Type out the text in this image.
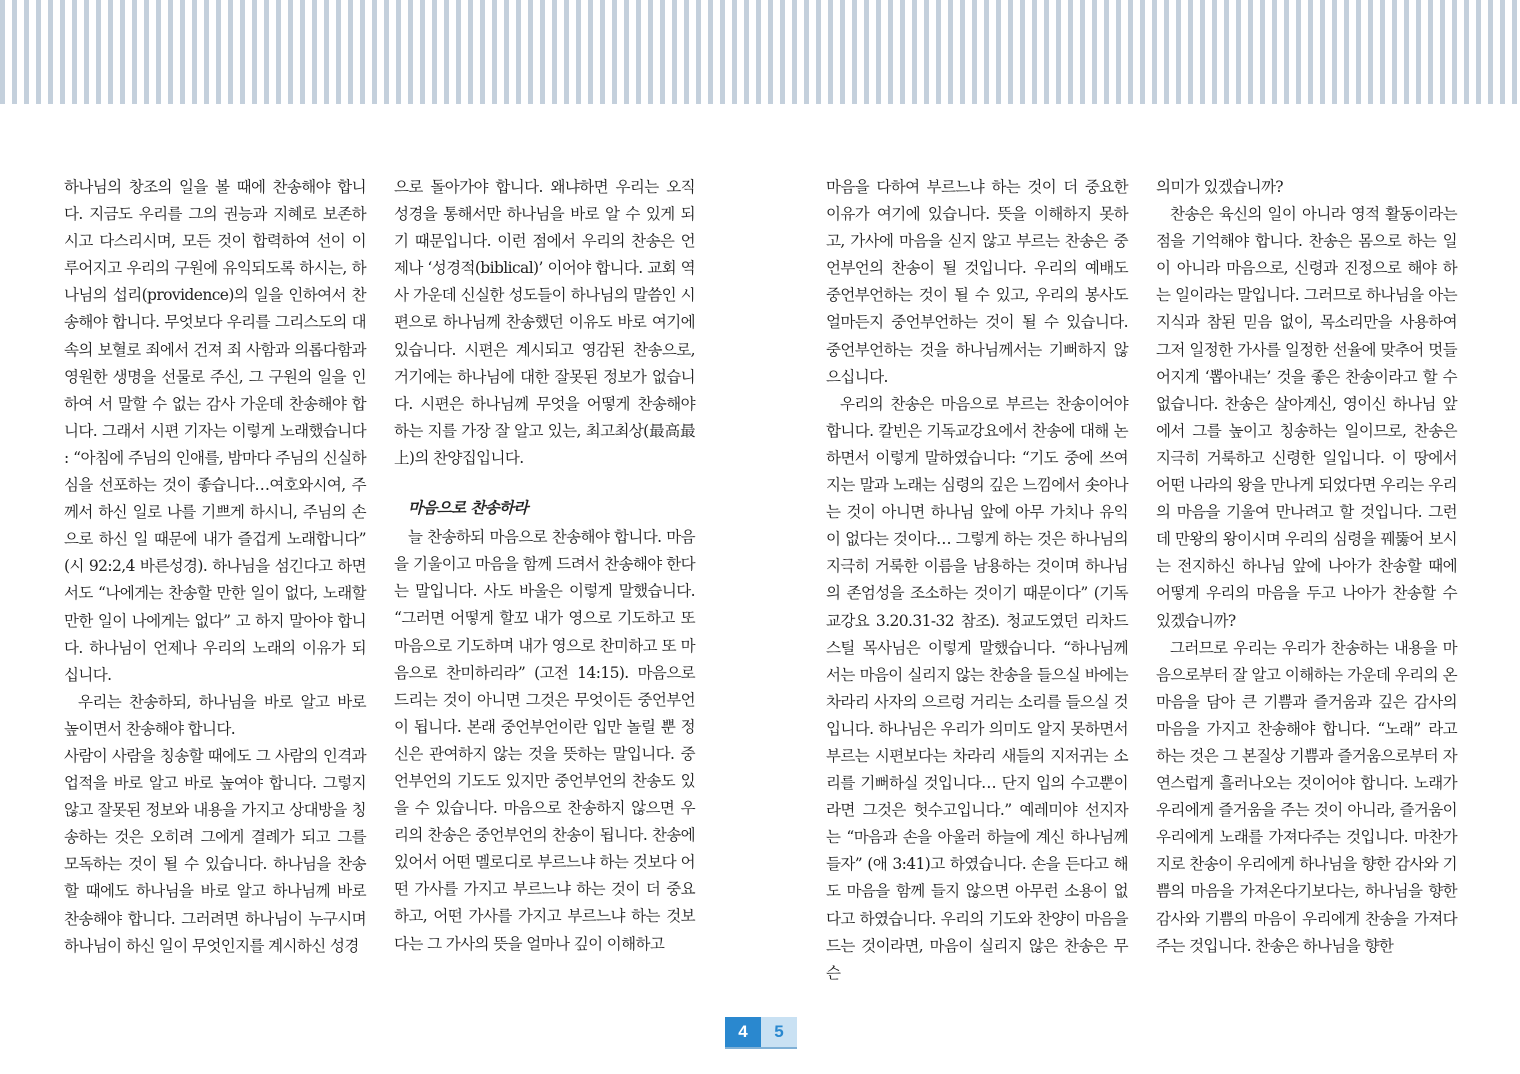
하나님의 창조의 일을 볼 때에 찬송해야 합니다. 지금도 우리를 그의 권능과 지혜로 보존하시고 다스리시며, 모든 것이 합력하여 선이 이루어지고 우리의 구원에 유익되도록 하시는, 하나님의 섭리(providence)의 일을 인하여서 찬송해야 합니다. 무엇보다 우리를 그리스도의 대속의 보혈로 죄에서 건져 죄 사함과 의롭다함과 영원한 생명을 선물로 주신, 그 구원의 일을 인하여 서 말할 수 없는 감사 가운데 찬송해야 합니다. 그래서 시편 기자는 이렇게 노래했습니다 : “아침에 주님의 인애를, 밤마다 주님의 신실하심을 선포하는 것이 좋습니다…여호와시여, 주께서 하신 일로 나를 기쁘게 하시니, 주님의 손으로 하신 일 때문에 내가 즐겁게 노래합니다” (시 92:2,4 바른성경). 하나님을 섬긴다고 하면서도 “나에게는 찬송할 만한 일이 없다, 노래할 만한 일이 나에게는 없다” 고 하지 말아야 합니다. 하나님이 언제나 우리의 노래의 이유가 되십니다.

우리는 찬송하되, 하나님을 바로 알고 바로 높이면서 찬송해야 합니다.

사람이 사람을 칭송할 때에도 그 사람의 인격과 업적을 바로 알고 바로 높여야 합니다. 그렇지 않고 잘못된 정보와 내용을 가지고 상대방을 칭송하는 것은 오히려 그에게 결례가 되고 그를 모독하는 것이 될 수 있습니다. 하나님을 찬송할 때에도 하나님을 바로 알고 하나님께 바로 찬송해야 합니다. 그러려면 하나님이 누구시며 하나님이 하신 일이 무엇인지를 계시하신 성경

으로 돌아가야 합니다. 왜냐하면 우리는 오직 성경을 통해서만 하나님을 바로 알 수 있게 되기 때문입니다. 이런 점에서 우리의 찬송은 언제나 ‘성경적(biblical)’ 이어야 합니다. 교회 역사 가운데 신실한 성도들이 하나님의 말씀인 시편으로 하나님께 찬송했던 이유도 바로 여기에 있습니다. 시편은 계시되고 영감된 찬송으로, 거기에는 하나님에 대한 잘못된 정보가 없습니다. 시편은 하나님께 무엇을 어떻게 찬송해야 하는 지를 가장 잘 알고 있는, 최고최상(最高最上)의 찬양집입니다.

마음으로 찬송하라

늘 찬송하되 마음으로 찬송해야 합니다. 마음을 기울이고 마음을 함께 드려서 찬송해야 한다는 말입니다. 사도 바울은 이렇게 말했습니다. “그러면 어떻게 할꼬 내가 영으로 기도하고 또 마음으로 기도하며 내가 영으로 찬미하고 또 마음으로 찬미하리라” (고전 14:15). 마음으로 드리는 것이 아니면 그것은 무엇이든 중언부언이 됩니다. 본래 중언부언이란 입만 놀릴 뿐 정신은 관여하지 않는 것을 뜻하는 말입니다. 중언부언의 기도도 있지만 중언부언의 찬송도 있을 수 있습니다. 마음으로 찬송하지 않으면 우리의 찬송은 중언부언의 찬송이 됩니다. 찬송에 있어서 어떤 멜로디로 부르느냐 하는 것보다 어떤 가사를 가지고 부르느냐 하는 것이 더 중요하고, 어떤 가사를 가지고 부르느냐 하는 것보다는 그 가사의 뜻을 얼마나 깊이 이해하고

마음을 다하여 부르느냐 하는 것이 더 중요한 이유가 여기에 있습니다. 뜻을 이해하지 못하고, 가사에 마음을 싣지 않고 부르는 찬송은 중언부언의 찬송이 될 것입니다. 우리의 예배도 중언부언하는 것이 될 수 있고, 우리의 봉사도 얼마든지 중언부언하는 것이 될 수 있습니다. 중언부언하는 것을 하나님께서는 기뻐하지 않으십니다.

우리의 찬송은 마음으로 부르는 찬송이어야 합니다. 칼빈은 기독교강요에서 찬송에 대해 논하면서 이렇게 말하였습니다: “기도 중에 쓰여지는 말과 노래는 심령의 깊은 느낌에서 솟아나는 것이 아니면 하나님 앞에 아무 가치나 유익이 없다는 것이다… 그렇게 하는 것은 하나님의 지극히 거룩한 이름을 남용하는 것이며 하나님의 존엄성을 조소하는 것이기 때문이다” (기독교강요 3.20.31-32 참조). 청교도였던 리차드 스틸 목사님은 이렇게 말했습니다. “하나님께서는 마음이 실리지 않는 찬송을 들으실 바에는 차라리 사자의 으르렁 거리는 소리를 들으실 것입니다. 하나님은 우리가 의미도 알지 못하면서 부르는 시편보다는 차라리 새들의 지저귀는 소리를 기뻐하실 것입니다… 단지 입의 수고뿐이라면 그것은 헛수고입니다.” 예레미야 선지자는 “마음과 손을 아울러 하늘에 계신 하나님께 들자” (애 3:41)고 하였습니다. 손을 든다고 해도 마음을 함께 들지 않으면 아무런 소용이 없다고 하였습니다. 우리의 기도와 찬양이 마음을 드는 것이라면, 마음이 실리지 않은 찬송은 무슨

의미가 있겠습니까?

찬송은 육신의 일이 아니라 영적 활동이라는 점을 기억해야 합니다. 찬송은 몸으로 하는 일이 아니라 마음으로, 신령과 진정으로 해야 하는 일이라는 말입니다. 그러므로 하나님을 아는 지식과 참된 믿음 없이, 목소리만을 사용하여 그저 일정한 가사를 일정한 선율에 맞추어 멋들어지게 ‘뽑아내는’ 것을 좋은 찬송이라고 할 수 없습니다. 찬송은 살아계신, 영이신 하나님 앞에서 그를 높이고 칭송하는 일이므로, 찬송은 지극히 거룩하고 신령한 일입니다. 이 땅에서 어떤 나라의 왕을 만나게 되었다면 우리는 우리의 마음을 기울여 만나려고 할 것입니다. 그런데 만왕의 왕이시며 우리의 심령을 꿰뚫어 보시는 전지하신 하나님 앞에 나아가 찬송할 때에 어떻게 우리의 마음을 두고 나아가 찬송할 수 있겠습니까?

그러므로 우리는 우리가 찬송하는 내용을 마음으로부터 잘 알고 이해하는 가운데 우리의 온 마음을 담아 큰 기쁨과 즐거움과 깊은 감사의 마음을 가지고 찬송해야 합니다. “노래” 라고 하는 것은 그 본질상 기쁨과 즐거움으로부터 자연스럽게 흘러나오는 것이어야 합니다. 노래가 우리에게 즐거움을 주는 것이 아니라, 즐거움이 우리에게 노래를 가져다주는 것입니다. 마찬가지로 찬송이 우리에게 하나님을 향한 감사와 기쁨의 마음을 가져온다기보다는, 하나님을 향한 감사와 기쁨의 마음이 우리에게 찬송을 가져다주는 것입니다. 찬송은 하나님을 향한

4	5
